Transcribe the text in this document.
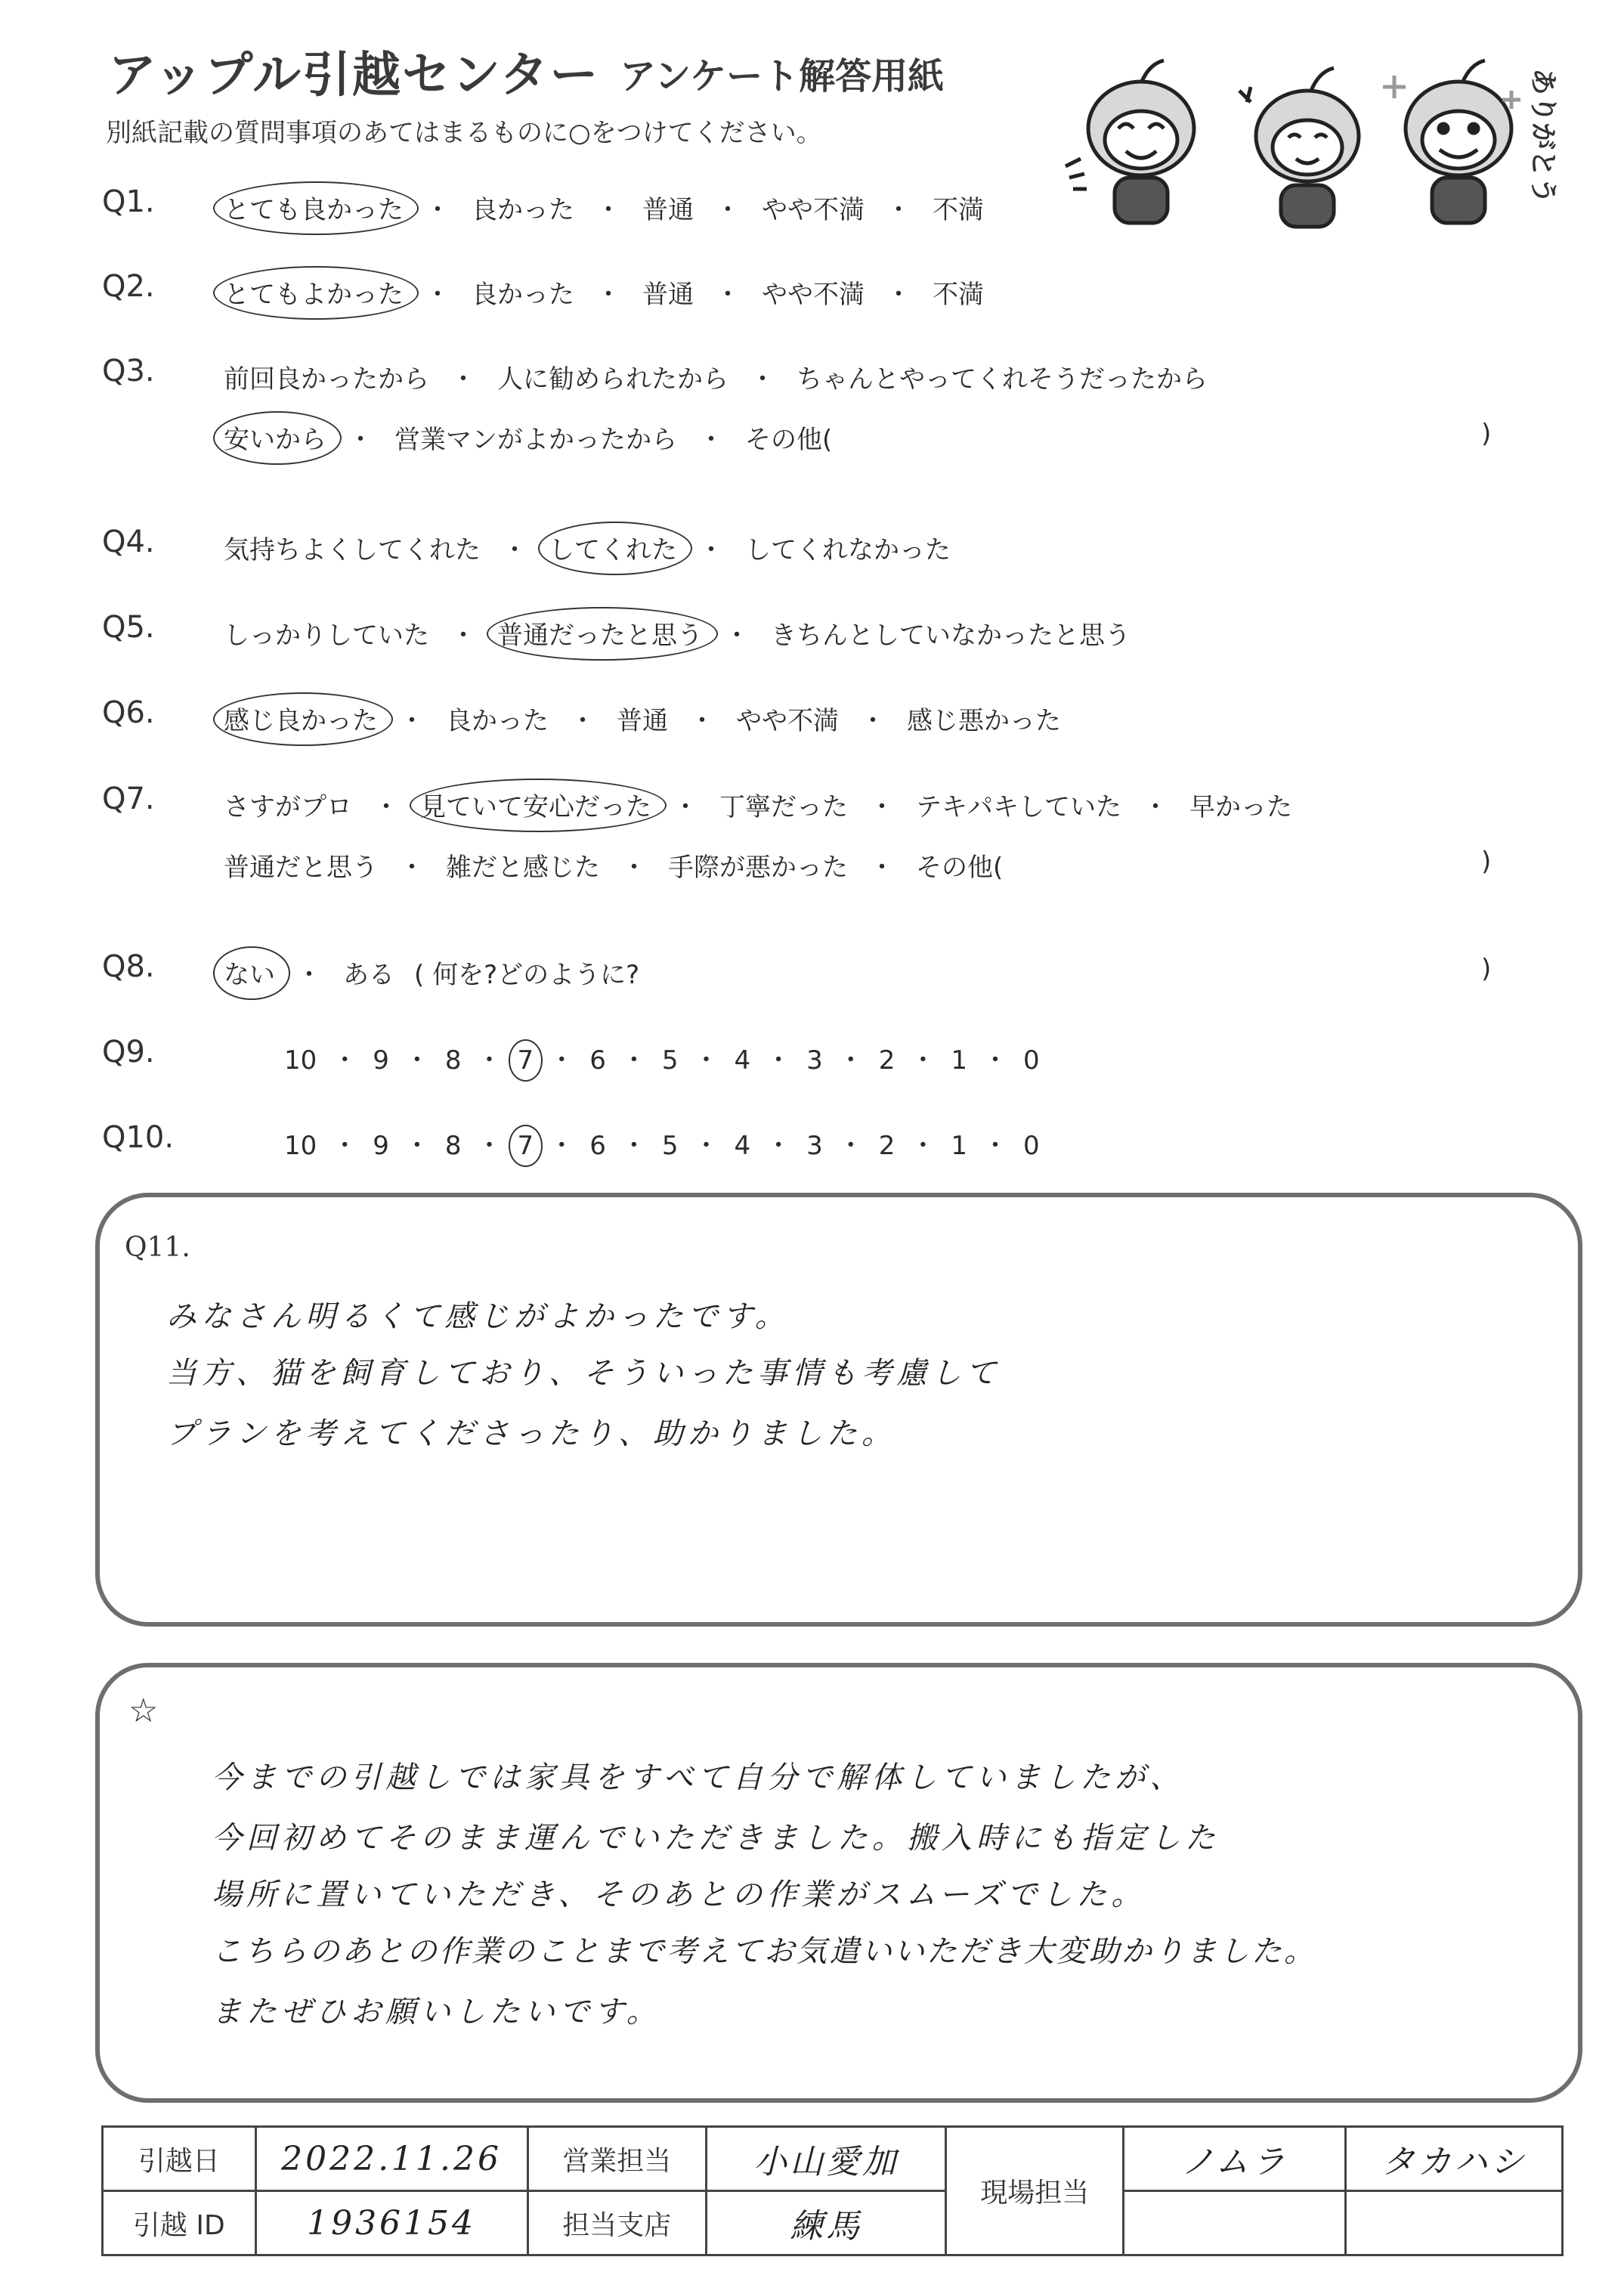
アップル引越センター アンケート解答用紙
別紙記載の質問事項のあてはまるものに○をつけてください。	ありがとう
Q1.	とても良かった ・ 良かった ・ 普通 ・ やや不満 ・ 不満
Q2.	とてもよかった ・ 良かった ・ 普通 ・ やや不満 ・ 不満
Q3.	前回良かったから ・ 人に勧められたから ・ ちゃんとやってくれそうだったから
安いから ・ 営業マンがよかったから ・ その他(	)
Q4.	気持ちよくしてくれた ・ してくれた ・ してくれなかった
Q5.	しっかりしていた ・ 普通だったと思う ・ きちんとしていなかったと思う
Q6.	感じ良かった ・ 良かった ・ 普通 ・ やや不満 ・ 感じ悪かった
Q7.	さすがプロ ・ 見ていて安心だった ・ 丁寧だった ・ テキパキしていた ・ 早かった
普通だと思う ・ 雑だと感じた ・ 手際が悪かった ・ その他(	)
Q8.	ない ・ ある ( 何を?どのように?	)
Q9.	10 ・ 9 ・ 8 ・ 7 ・ 6 ・ 5 ・ 4 ・ 3 ・ 2 ・ 1 ・ 0
Q10.	10 ・ 9 ・ 8 ・ 7 ・ 6 ・ 5 ・ 4 ・ 3 ・ 2 ・ 1 ・ 0
Q11.
みなさん明るくて感じがよかったです。
当方、猫を飼育しており、そういった事情も考慮して
プランを考えてくださったり、助かりました。
☆
今までの引越しでは家具をすべて自分で解体していましたが、
今回初めてそのまま運んでいただきました。搬入時にも指定した
場所に置いていただき、そのあとの作業がスムーズでした。
こちらのあとの作業のことまで考えてお気遣いいただき大変助かりました。
またぜひお願いしたいです。
引越日	2022.11.26	営業担当	小山愛加	現場担当	ノムラ	タカハシ
引越 ID	1936154	担当支店	練馬			
